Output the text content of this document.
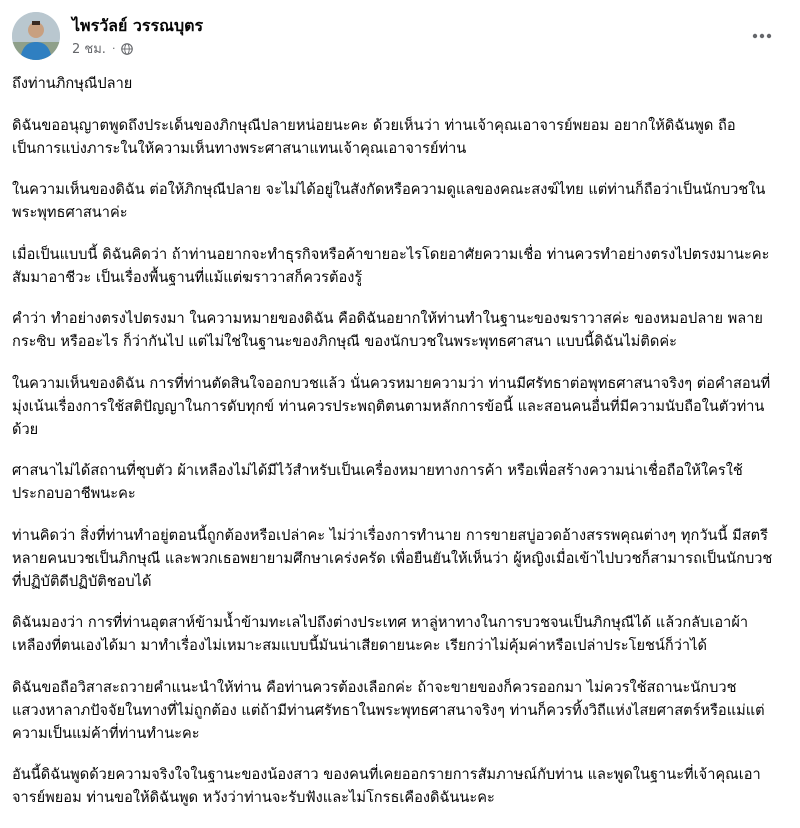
ไพรวัลย์ วรรณบุตร
2 ชม. ·

ถึงท่านภิกษุณีปลาย

ดิฉันขออนุญาตพูดถึงประเด็นของภิกษุณีปลายหน่อยนะคะ ด้วยเห็นว่า ท่านเจ้าคุณเอาจารย์พยอม อยากให้ดิฉันพูด ถือเป็นการแบ่งภาระในให้ความเห็นทางพระศาสนาแทนเจ้าคุณเอาจารย์ท่าน

ในความเห็นของดิฉัน ต่อให้ภิกษุณีปลาย จะไม่ได้อยู่ในสังกัดหรือความดูแลของคณะสงฆ์ไทย แต่ท่านก็ถือว่าเป็นนักบวชในพระพุทธศาสนาค่ะ

เมื่อเป็นแบบนี้ ดิฉันคิดว่า ถ้าท่านอยากจะทำธุรกิจหรือค้าขายอะไรโดยอาศัยความเชื่อ ท่านควรทำอย่างตรงไปตรงมานะคะ สัมมาอาชีวะ เป็นเรื่องพื้นฐานที่แม้แต่ฆราวาสก็ควรต้องรู้

คำว่า ทำอย่างตรงไปตรงมา ในความหมายของดิฉัน คือดิฉันอยากให้ท่านทำในฐานะของฆราวาสค่ะ ของหมอปลาย พลายกระซิบ หรืออะไร ก็ว่ากันไป แต่ไม่ใช่ในฐานะของภิกษุณี ของนักบวชในพระพุทธศาสนา แบบนี้ดิฉันไม่ติดค่ะ

ในความเห็นของดิฉัน การที่ท่านตัดสินใจออกบวชแล้ว นั่นควรหมายความว่า ท่านมีศรัทธาต่อพุทธศาสนาจริงๆ ต่อคำสอนที่มุ่งเน้นเรื่องการใช้สติปัญญาในการดับทุกข์ ท่านควรประพฤติตนตามหลักการข้อนี้ และสอนคนอื่นที่มีความนับถือในตัวท่านด้วย

ศาสนาไม่ได้สถานที่ชุบตัว ผ้าเหลืองไม่ได้มีไว้สำหรับเป็นเครื่องหมายทางการค้า หรือเพื่อสร้างความน่าเชื่อถือให้ใครใช้ประกอบอาชีพนะคะ

ท่านคิดว่า สิ่งที่ท่านทำอยู่ตอนนี้ถูกต้องหรือเปล่าคะ ไม่ว่าเรื่องการทำนาย การขายสบู่อวดอ้างสรรพคุณต่างๆ ทุกวันนี้ มีสตรีหลายคนบวชเป็นภิกษุณี และพวกเธอพยายามศึกษาเคร่งครัด เพื่อยืนยันให้เห็นว่า ผู้หญิงเมื่อเข้าไปบวชก็สามารถเป็นนักบวชที่ปฏิบัติดีปฏิบัติชอบได้

ดิฉันมองว่า การที่ท่านอุตสาห์ข้ามน้ำข้ามทะเลไปถึงต่างประเทศ หาลู่หาทางในการบวชจนเป็นภิกษุณีได้ แล้วกลับเอาผ้าเหลืองที่ตนเองได้มา มาทำเรื่องไม่เหมาะสมแบบนี้มันน่าเสียดายนะคะ เรียกว่าไม่คุ้มค่าหรือเปล่าประโยชน์ก็ว่าได้

ดิฉันขอถือวิสาสะถวายคำแนะนำให้ท่าน คือท่านควรต้องเลือกค่ะ ถ้าจะขายของก็ควรออกมา ไม่ควรใช้สถานะนักบวชแสวงหาลาภปัจจัยในทางที่ไม่ถูกต้อง แต่ถ้ามีท่านศรัทธาในพระพุทธศาสนาจริงๆ ท่านก็ควรทิ้งวิถีแห่งไสยศาสตร์หรือแม่แต่ความเป็นแม่ค้าที่ท่านทำนะคะ

อันนี้ดิฉันพูดด้วยความจริงใจในฐานะของน้องสาว ของคนที่เคยออกรายการสัมภาษณ์กับท่าน และพูดในฐานะที่เจ้าคุณเอาจารย์พยอม ท่านขอให้ดิฉันพูด หวังว่าท่านจะรับฟังและไม่โกรธเคืองดิฉันนะคะ
